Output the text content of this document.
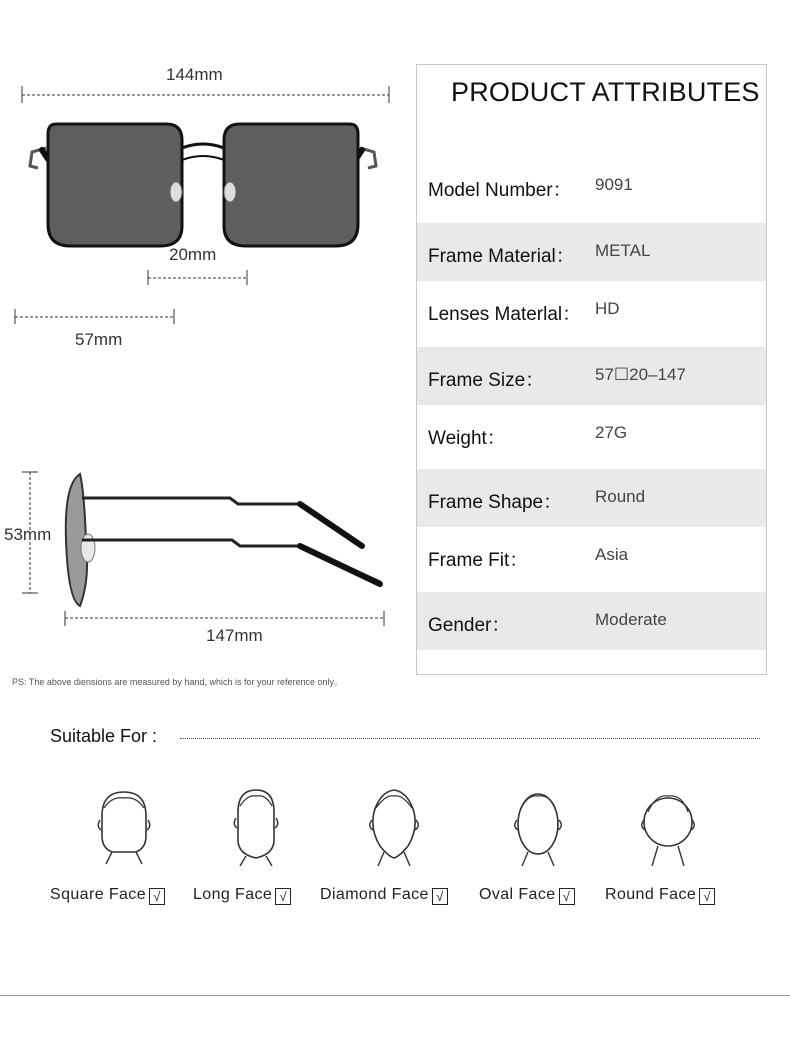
144mm
20mm
57mm
53mm
147mm
PS: The above diensions are measured by hand, which is for your reference only。
PRODUCT ATTRIBUTES
Model Number： 9091
Frame Material： METAL
Lenses Materlal： HD
Frame Size：	57☐20–147
Weight：	27G
Frame Shape： Round
Frame Fit：	Asia
Gender：	Moderate
Suitable For :
Square Face √ Long Face √ Diamond Face √ Oval Face √ Round Face √
